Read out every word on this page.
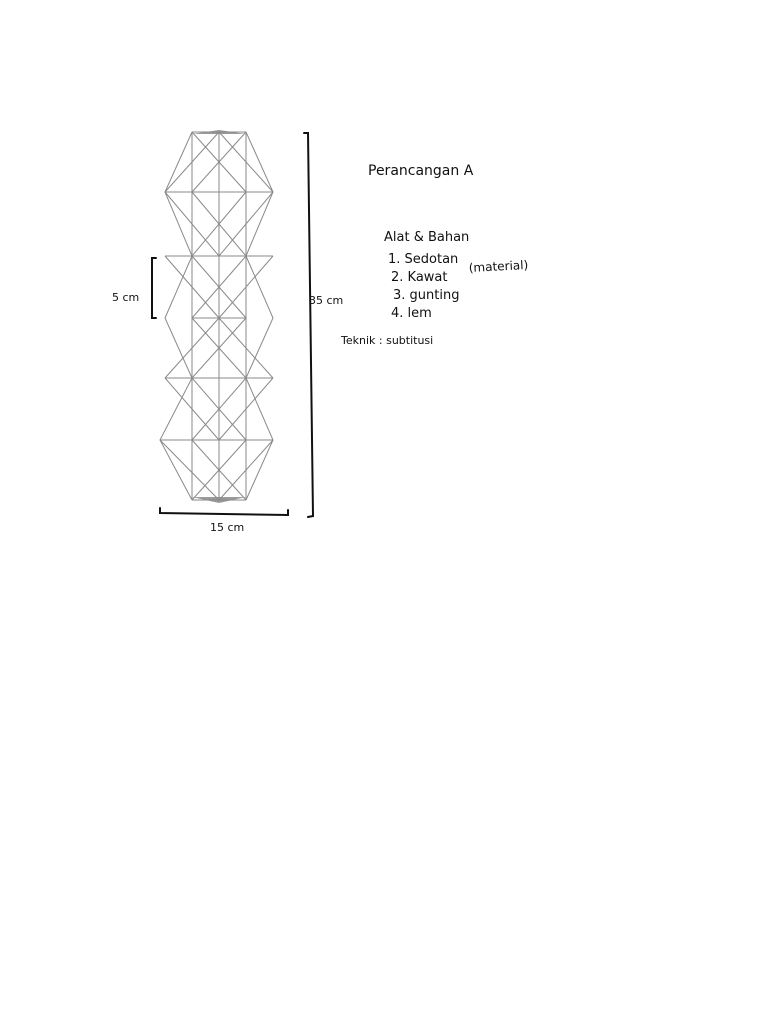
5 cm	35 cm
15 cm
Perancangan A
Alat & Bahan
1. Sedotan
2. Kawat
3. gunting
4. lem
(material)
Teknik : subtitusi
